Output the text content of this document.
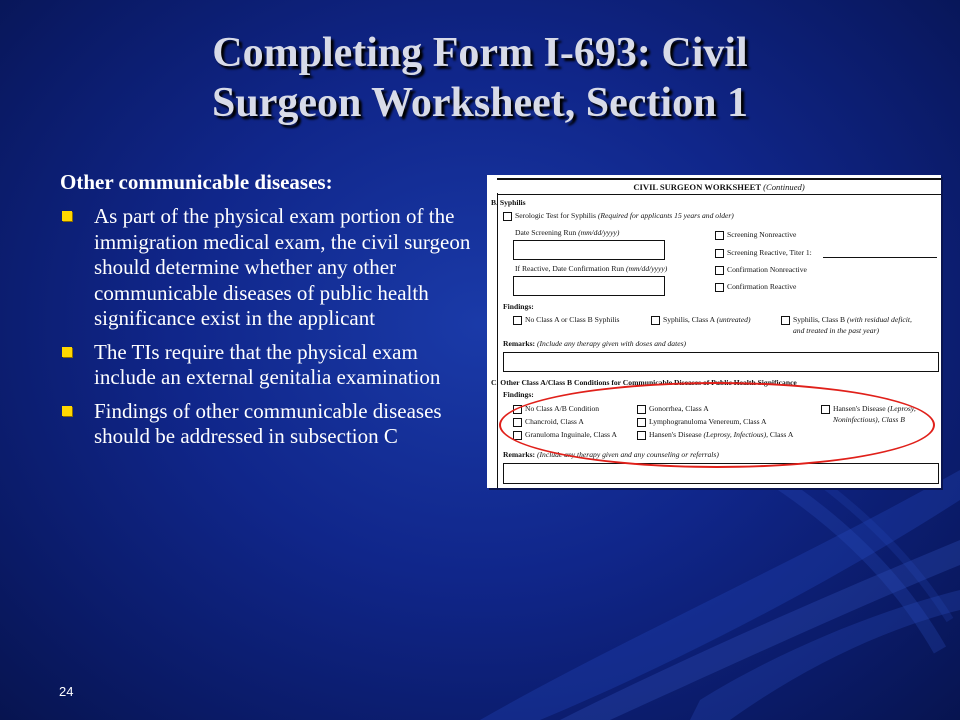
Completing Form I-693: Civil
Surgeon Worksheet, Section 1
Other communicable diseases:
As part of the physical exam portion of the immigration medical exam, the civil surgeon should determine whether any other communicable diseases of public health significance exist in the applicant
The TIs require that the physical exam include an external genitalia examination
Findings of other communicable diseases should be addressed in subsection C
CIVIL SURGEON WORKSHEET (Continued)
B. Syphilis
Serologic Test for Syphilis (Required for applicants 15 years and older)
Date Screening Run (mm/dd/yyyy)
If Reactive, Date Confirmation Run (mm/dd/yyyy)
Screening Nonreactive
Screening Reactive, Titer 1:
Confirmation Nonreactive
Confirmation Reactive
Findings:
No Class A or Class B Syphilis	Syphilis, Class A (untreated)	Syphilis, Class B (with residual deficit,
and treated in the past year)
Remarks: (Include any therapy given with doses and dates)
C. Other Class A/Class B Conditions for Communicable Diseases of Public Health Significance
Findings:
No Class A/B Condition
Chancroid, Class A
Granuloma Inguinale, Class A
Gonorrhea, Class A
Lymphogranuloma Venereum, Class A
Hansen's Disease (Leprosy, Infectious), Class A
Hansen's Disease (Leprosy,
Noninfectious), Class B
Remarks: (Include any therapy given and any counseling or referrals)
24
